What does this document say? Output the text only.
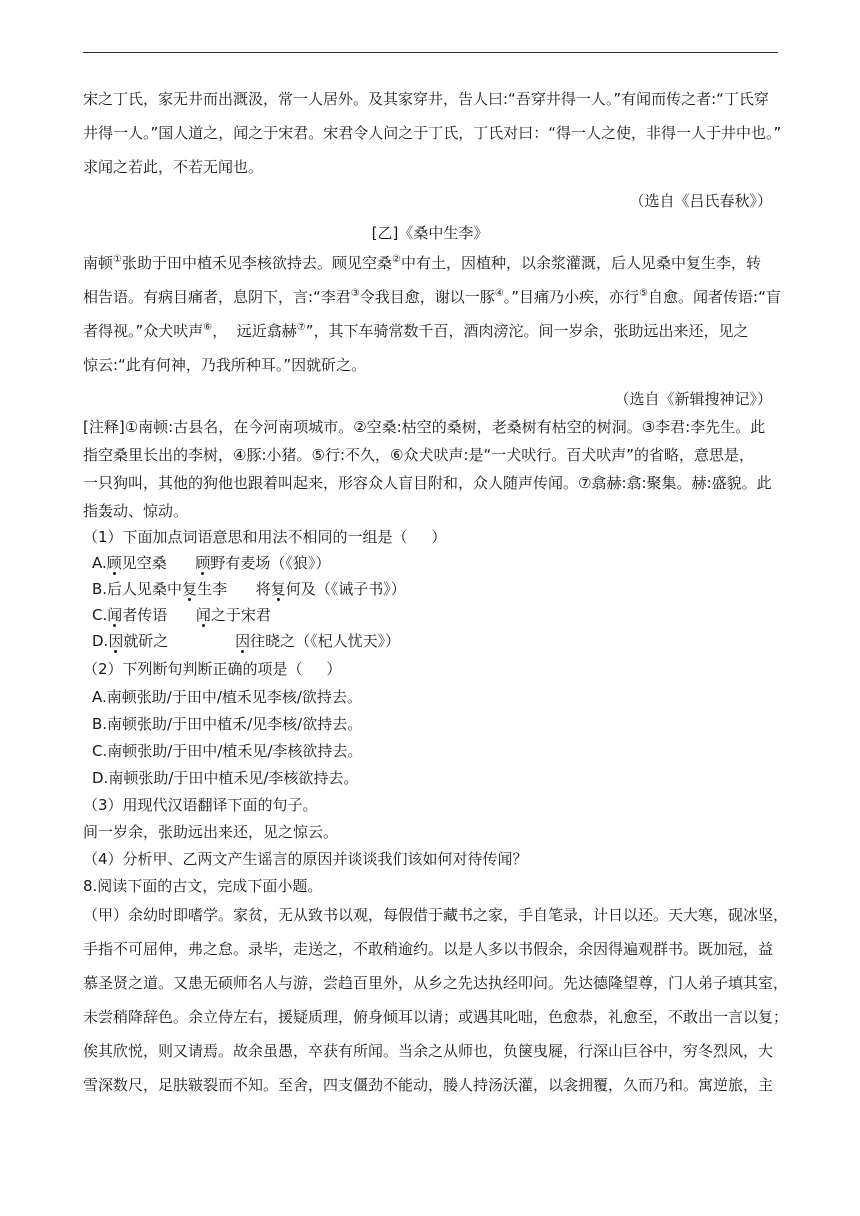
宋之丁氏，家无井而出溉汲，常一人居外。及其家穿井，告人曰:“吾穿井得一人。”有闻而传之者:“丁氏穿
井得一人。”国人道之，闻之于宋君。宋君令人问之于丁氏，丁氏对曰：“得一人之使，非得一人于井中也。”
求闻之若此，不若无闻也。
（选自《吕氏春秋》）
[乙]《桑中生李》
南顿①张助于田中植禾见李核欲持去。顾见空桑②中有土，因植种，以余浆灌溉，后人见桑中复生李，转
相告语。有病目痛者，息阴下，言:“李君③令我目愈，谢以一豚④。”目痛乃小疾，亦行⑤自愈。闻者传语:“盲
者得视。”众犬吠声⑥，  远近翕赫⑦”，其下车骑常数千百，酒肉滂沱。间一岁余，张助远出来还，见之
惊云:“此有何神，乃我所种耳。”因就斫之。
（选自《新辑搜神记》）
[注释]①南顿:古县名，在今河南项城市。②空桑:枯空的桑树，老桑树有枯空的树洞。③李君:李先生。此
指空桑里长出的李树，④豚:小猪。⑤行:不久，⑥众犬吠声:是“一犬吠行。百犬吠声”的省略，意思是，
一只狗叫，其他的狗他也跟着叫起来，形容众人盲目附和，众人随声传闻。⑦翕赫:翕:聚集。赫:盛貌。此
指轰动、惊动。
（1）下面加点词语意思和用法不相同的一组是（     ）
A.顾见空桑      顾野有麦场（《狼》）
B.后人见桑中复生李      将复何及（《诫子书》）
C.闻者传语      闻之于宋君
D.因就斫之              因往晓之（《杞人忧天》）
（2）下列断句判断正确的项是（     ）
A.南顿张助/于田中/植禾见李核/欲持去。
B.南顿张助/于田中植禾/见李核/欲持去。
C.南顿张助/于田中/植禾见/李核欲持去。
D.南顿张助/于田中植禾见/李核欲持去。
（3）用现代汉语翻译下面的句子。
间一岁余，张助远出来还，见之惊云。
（4）分析甲、乙两文产生谣言的原因并谈谈我们该如何对待传闻？
8.阅读下面的古文，完成下面小题。
（甲）余幼时即嗜学。家贫，无从致书以观，每假借于藏书之家，手自笔录，计日以还。天大寒，砚冰坚，
手指不可屈伸，弗之怠。录毕，走送之，不敢稍逾约。以是人多以书假余，余因得遍观群书。既加冠，益
慕圣贤之道。又患无硕师名人与游，尝趋百里外，从乡之先达执经叩问。先达德隆望尊，门人弟子填其室，
未尝稍降辞色。余立侍左右，援疑质理，俯身倾耳以请；或遇其叱咄，色愈恭，礼愈至，不敢出一言以复；
俟其欣悦，则又请焉。故余虽愚，卒获有所闻。当余之从师也，负箧曳屣，行深山巨谷中，穷冬烈风，大
雪深数尺，足肤皲裂而不知。至舍，四支僵劲不能动，媵人持汤沃灌，以衾拥覆，久而乃和。寓逆旅，主
